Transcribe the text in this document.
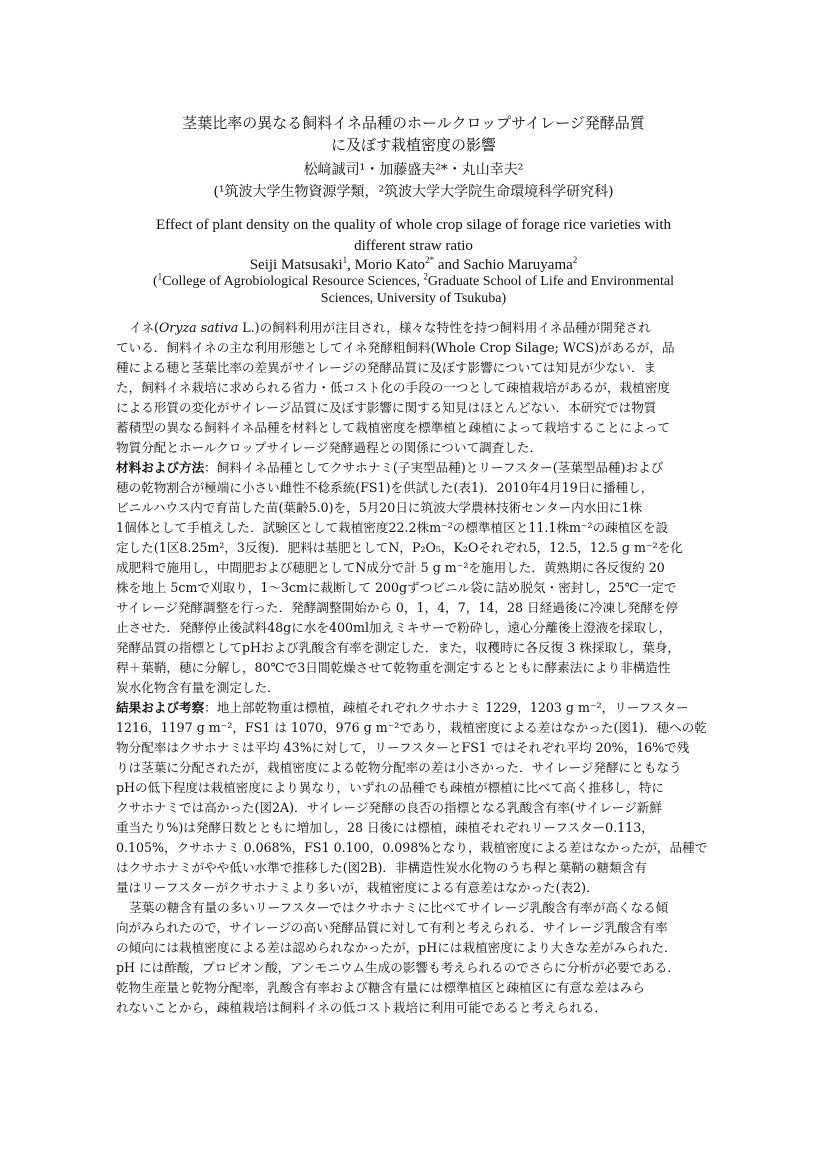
茎葉比率の異なる飼料イネ品種のホールクロップサイレージ発酵品質
に及ぼす栽植密度の影響
松﨑誠司¹・加藤盛夫²*・丸山幸夫²
(¹筑波大学生物資源学類，²筑波大学大学院生命環境科学研究科)
Effect of plant density on the quality of whole crop silage of forage rice varieties with
different straw ratio
Seiji Matsusaki$^1$, Morio Kato$^{2*}$ and Sachio Maruyama$^2$
($^1$College of Agrobiological Resource Sciences, $^2$Graduate School of Life and Environmental
Sciences, University of Tsukuba)
イネ(Oryza sativa L.)の飼料利用が注目され，様々な特性を持つ飼料用イネ品種が開発され
ている．飼料イネの主な利用形態としてイネ発酵粗飼料(Whole Crop Silage; WCS)があるが，品
種による穂と茎葉比率の差異がサイレージの発酵品質に及ぼす影響については知見が少ない．ま
た，飼料イネ栽培に求められる省力・低コスト化の手段の一つとして疎植栽培があるが，栽植密度
による形質の変化がサイレージ品質に及ぼす影響に関する知見はほとんどない．本研究では物質
蓄積型の異なる飼料イネ品種を材料として栽植密度を標準植と疎植によって栽培することによって
物質分配とホールクロップサイレージ発酵過程との関係について調査した．
材料および方法：飼料イネ品種としてクサホナミ(子実型品種)とリーフスター(茎葉型品種)および
穂の乾物割合が極端に小さい雌性不稔系統(FS1)を供試した(表1)．2010年4月19日に播種し，
ビニルハウス内で育苗した苗(葉齢5.0)を，5月20日に筑波大学農林技術センター内水田に1株
1個体として手植えした．試験区として栽植密度22.2株m⁻²の標準植区と11.1株m⁻²の疎植区を設
定した(1区8.25m²，3反復)．肥料は基肥としてN，P₂O₅，K₂Oそれぞれ5，12.5，12.5 g m⁻²を化
成肥料で施用し，中間肥および穂肥としてN成分で計 5 g m⁻²を施用した．黄熟期に各反復約 20
株を地上 5cmで刈取り，1～3cmに裁断して 200gずつビニル袋に詰め脱気・密封し，25℃一定で
サイレージ発酵調整を行った．発酵調整開始から 0，1，4，7，14，28 日経過後に冷凍し発酵を停
止させた．発酵停止後試料48gに水を400ml加えミキサーで粉砕し，遠心分離後上澄液を採取し，
発酵品質の指標としてpHおよび乳酸含有率を測定した．また，収穫時に各反復 3 株採取し，葉身，
稈＋葉鞘，穂に分解し，80℃で3日間乾燥させて乾物重を測定するとともに酵素法により非構造性
炭水化物含有量を測定した．
結果および考察：地上部乾物重は標植，疎植それぞれクサホナミ 1229，1203 g m⁻²，リーフスター
1216，1197 g m⁻²，FS1 は 1070，976 g m⁻²であり，栽植密度による差はなかった(図1)．穂への乾
物分配率はクサホナミは平均 43%に対して，リーフスターとFS1 ではそれぞれ平均 20%，16%で残
りは茎葉に分配されたが，栽植密度による乾物分配率の差は小さかった．サイレージ発酵にともなう
pHの低下程度は栽植密度により異なり，いずれの品種でも疎植が標植に比べて高く推移し，特に
クサホナミでは高かった(図2A)．サイレージ発酵の良否の指標となる乳酸含有率(サイレージ新鮮
重当たり%)は発酵日数とともに増加し，28 日後には標植，疎植それぞれリーフスター0.113，
0.105%，クサホナミ 0.068%，FS1 0.100，0.098%となり，栽植密度による差はなかったが，品種で
はクサホナミがやや低い水準で推移した(図2B)．非構造性炭水化物のうち稈と葉鞘の糖類含有
量はリーフスターがクサホナミより多いが，栽植密度による有意差はなかった(表2)．
茎葉の糖含有量の多いリーフスターではクサホナミに比べてサイレージ乳酸含有率が高くなる傾
向がみられたので，サイレージの高い発酵品質に対して有利と考えられる．サイレージ乳酸含有率
の傾向には栽植密度による差は認められなかったが，pHには栽植密度により大きな差がみられた．
pH には酢酸，プロピオン酸，アンモニウム生成の影響も考えられるのでさらに分析が必要である．
乾物生産量と乾物分配率，乳酸含有率および糖含有量には標準植区と疎植区に有意な差はみら
れないことから，疎植栽培は飼料イネの低コスト栽培に利用可能であると考えられる．
